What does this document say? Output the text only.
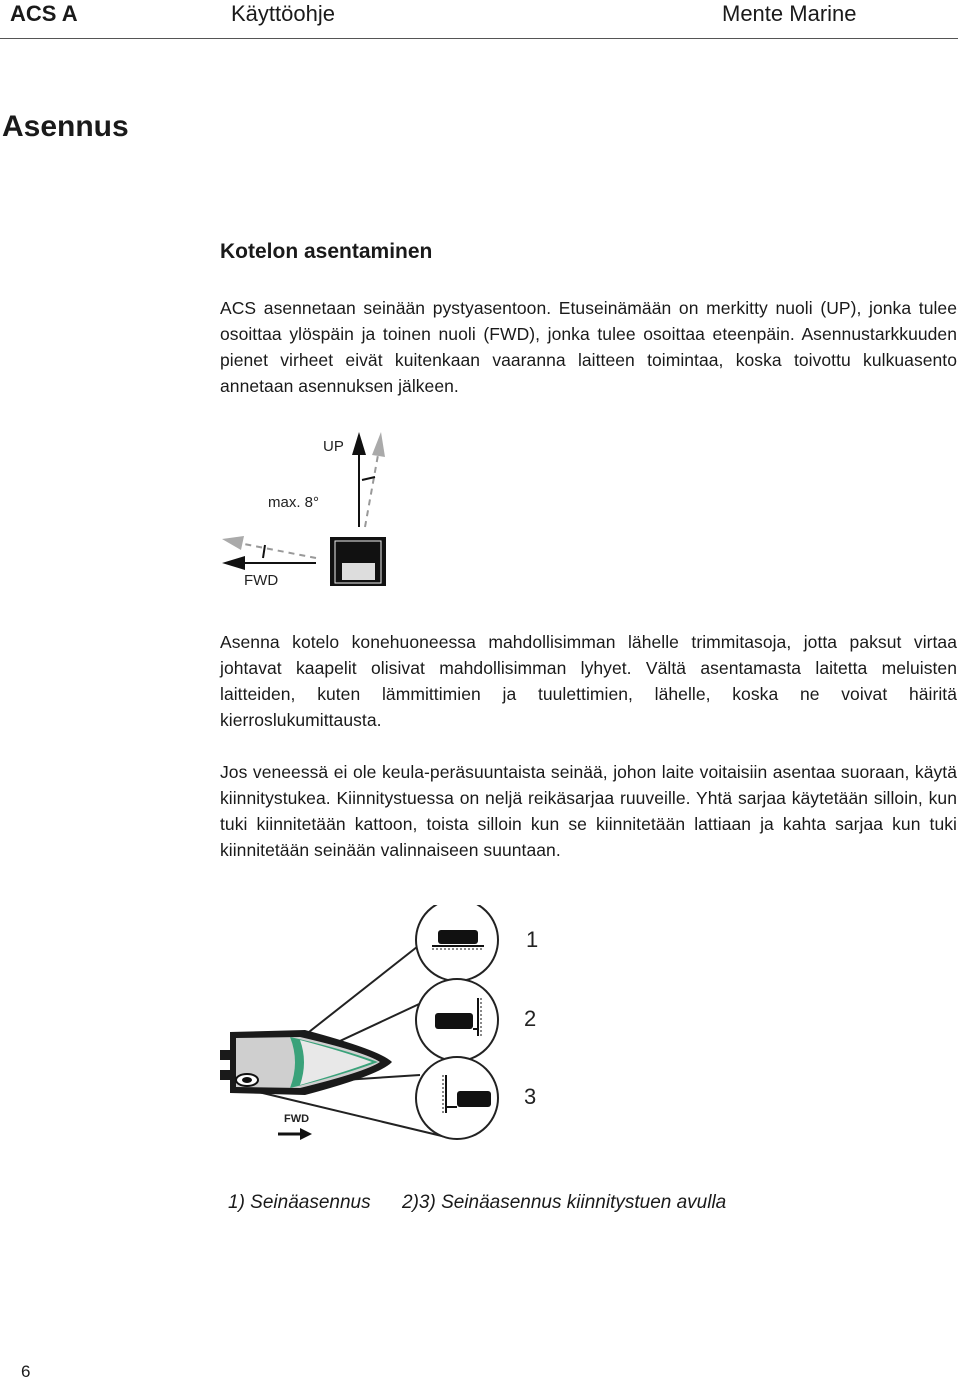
ACS A	Käyttöohje	Mente Marine
Asennus
Kotelon asentaminen

ACS asennetaan seinään pystyasentoon. Etuseinämään on merkitty nuoli (UP), jonka tulee osoittaa ylöspäin ja toinen nuoli (FWD), jonka tulee osoittaa eteenpäin. Asennustarkkuuden pienet virheet eivät kuitenkaan vaaranna laitteen toimintaa, koska toivottu kulkuasento annetaan asennuksen jälkeen.

UP
max. 8°
FWD

Asenna kotelo konehuoneessa mahdollisimman lähelle trimmitasoja, jotta paksut virtaa johtavat kaapelit olisivat mahdollisimman lyhyet. Vältä asentamasta laitetta meluisten laitteiden, kuten lämmittimien ja tuulettimien, lähelle, koska ne voivat häiritä kierroslukumittausta.

Jos veneessä ei ole keula-peräsuuntaista seinää, johon laite voitaisiin asentaa suoraan, käytä kiinnitystukea. Kiinnitystuessa on neljä reikäsarjaa ruuveille. Yhtä sarjaa käytetään silloin, kun tuki kiinnitetään kattoon, toista silloin kun se kiinnitetään lattiaan ja kahta sarjaa kun tuki kiinnitetään seinään valinnaiseen suuntaan.

FWD
1
2
3
1) Seinäasennus 2)3) Seinäasennus kiinnitystuen avulla
6
